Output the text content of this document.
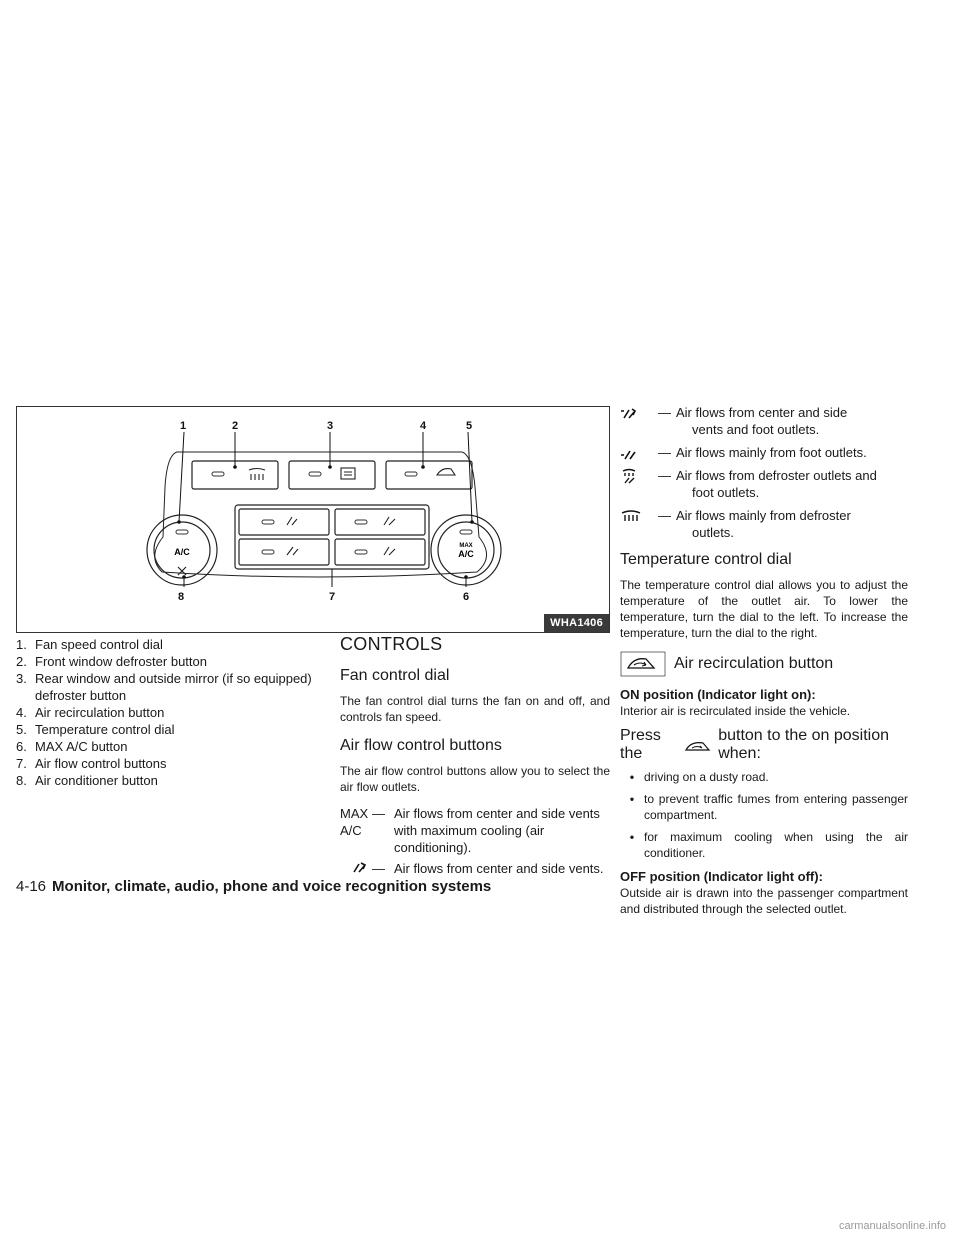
A/C
MAX
A/C
1	2	3	4	5
6
7
8
WHA1406
1. Fan speed control dial
2. Front window defroster button
3. Rear window and outside mirror (if so equipped) defroster button
4. Air recirculation button
5. Temperature control dial
6. MAX A/C button
7. Air flow control buttons
8. Air conditioner button
CONTROLS
Fan control dial

The fan control dial turns the fan on and off, and controls fan speed.

Air flow control buttons

The air flow control buttons allow you to select the air flow outlets.

MAX
A/C
— Air flows from center and side vents with maximum cooling (air conditioning).
— Air flows from center and side vents.
— Air flows from center and side
vents and foot outlets.
— Air flows mainly from foot outlets.
— Air flows from defroster outlets and
foot outlets.
— Air flows mainly from defroster
outlets.
Temperature control dial

The temperature control dial allows you to adjust the temperature of the outlet air. To lower the temperature, turn the dial to the left. To increase the temperature, turn the dial to the right.

Air recirculation button

ON position (Indicator light on):

Interior air is recirculated inside the vehicle.

Press the
button to the on position when:
• driving on a dusty road.
• to prevent traffic fumes from entering passenger compartment.
• for maximum cooling when using the air conditioner.

OFF position (Indicator light off):

Outside air is drawn into the passenger compartment and distributed through the selected outlet.

4-16 Monitor, climate, audio, phone and voice recognition systems
carmanualsonline.info
